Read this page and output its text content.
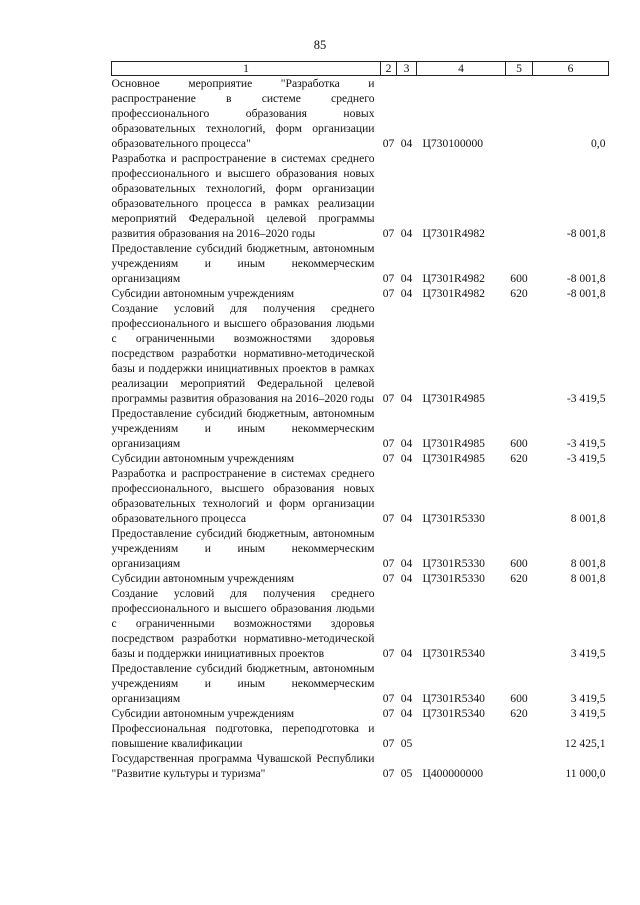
85
1	2	3	4	5	6
Основное мероприятие "Разработка и распространение в системе среднего профессионального образования новых образовательных технологий, форм организации образовательного процесса"	07	04	Ц730100000		0,0
Разработка и распространение в системах среднего профессионального и высшего образования новых образовательных технологий, форм организации образовательного процесса в рамках реализации мероприятий Федеральной целевой программы развития образования на 2016–2020 годы	07	04	Ц7301R4982		-8 001,8
Предоставление субсидий бюджетным, автономным учреждениям и иным некоммерческим организациям	07	04	Ц7301R4982	600	-8 001,8
Субсидии автономным учреждениям	07	04	Ц7301R4982	620	-8 001,8
Создание условий для получения среднего профессионального и высшего образования людьми с ограниченными возможностями здоровья посредством разработки нормативно-методической базы и поддержки инициативных проектов в рамках реализации мероприятий Федеральной целевой программы развития образования на 2016–2020 годы	07	04	Ц7301R4985		-3 419,5
Предоставление субсидий бюджетным, автономным учреждениям и иным некоммерческим организациям	07	04	Ц7301R4985	600	-3 419,5
Субсидии автономным учреждениям	07	04	Ц7301R4985	620	-3 419,5
Разработка и распространение в системах среднего профессионального, высшего образования новых образовательных технологий и форм организации образовательного процесса	07	04	Ц7301R5330		8 001,8
Предоставление субсидий бюджетным, автономным учреждениям и иным некоммерческим организациям	07	04	Ц7301R5330	600	8 001,8
Субсидии автономным учреждениям	07	04	Ц7301R5330	620	8 001,8
Создание условий для получения среднего профессионального и высшего образования людьми с ограниченными возможностями здоровья посредством разработки нормативно-методической базы и поддержки инициативных проектов	07	04	Ц7301R5340		3 419,5
Предоставление субсидий бюджетным, автономным учреждениям и иным некоммерческим организациям	07	04	Ц7301R5340	600	3 419,5
Субсидии автономным учреждениям	07	04	Ц7301R5340	620	3 419,5
Профессиональная подготовка, переподготовка и повышение квалификации	07	05			12 425,1
Государственная программа Чувашской Республики "Развитие культуры и туризма"	07	05	Ц400000000		11 000,0
